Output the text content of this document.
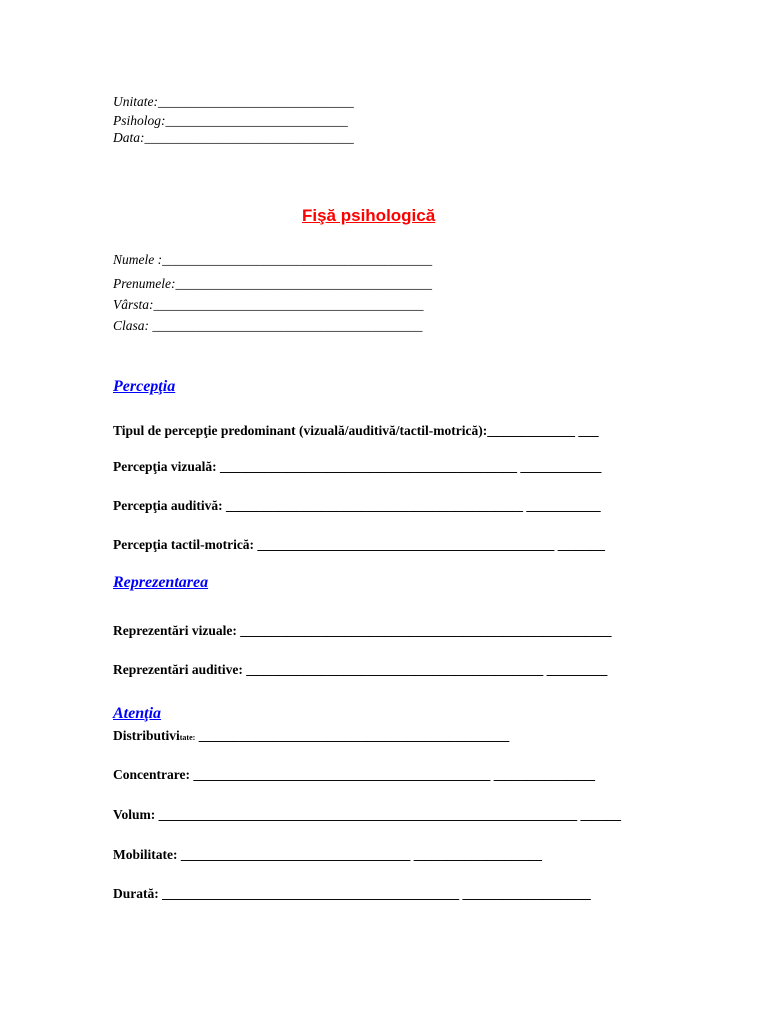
Unitate:_____________________________
Psiholog:___________________________
Data:_______________________________
Fişă psihologică
Numele :________________________________________
Prenumele:______________________________________
Vârsta:________________________________________
Clasa: ________________________________________
Percepţia
Tipul de percepţie predominant (vizuală/auditivă/tactil-motrică):_____________ ___
Percepţia vizuală: ____________________________________________ ____________
Percepţia auditivă: ____________________________________________ ___________
Percepţia tactil-motrică: ____________________________________________ _______
Reprezentarea
Reprezentări vizuale: _______________________________________________________
Reprezentări auditive: ____________________________________________ _________
Atenţia
Distributivitate: ______________________________________________
Concentrare: ____________________________________________ _______________
Volum: ______________________________________________________________ ______
Mobilitate: __________________________________ ___________________
Durată: ____________________________________________ ___________________
